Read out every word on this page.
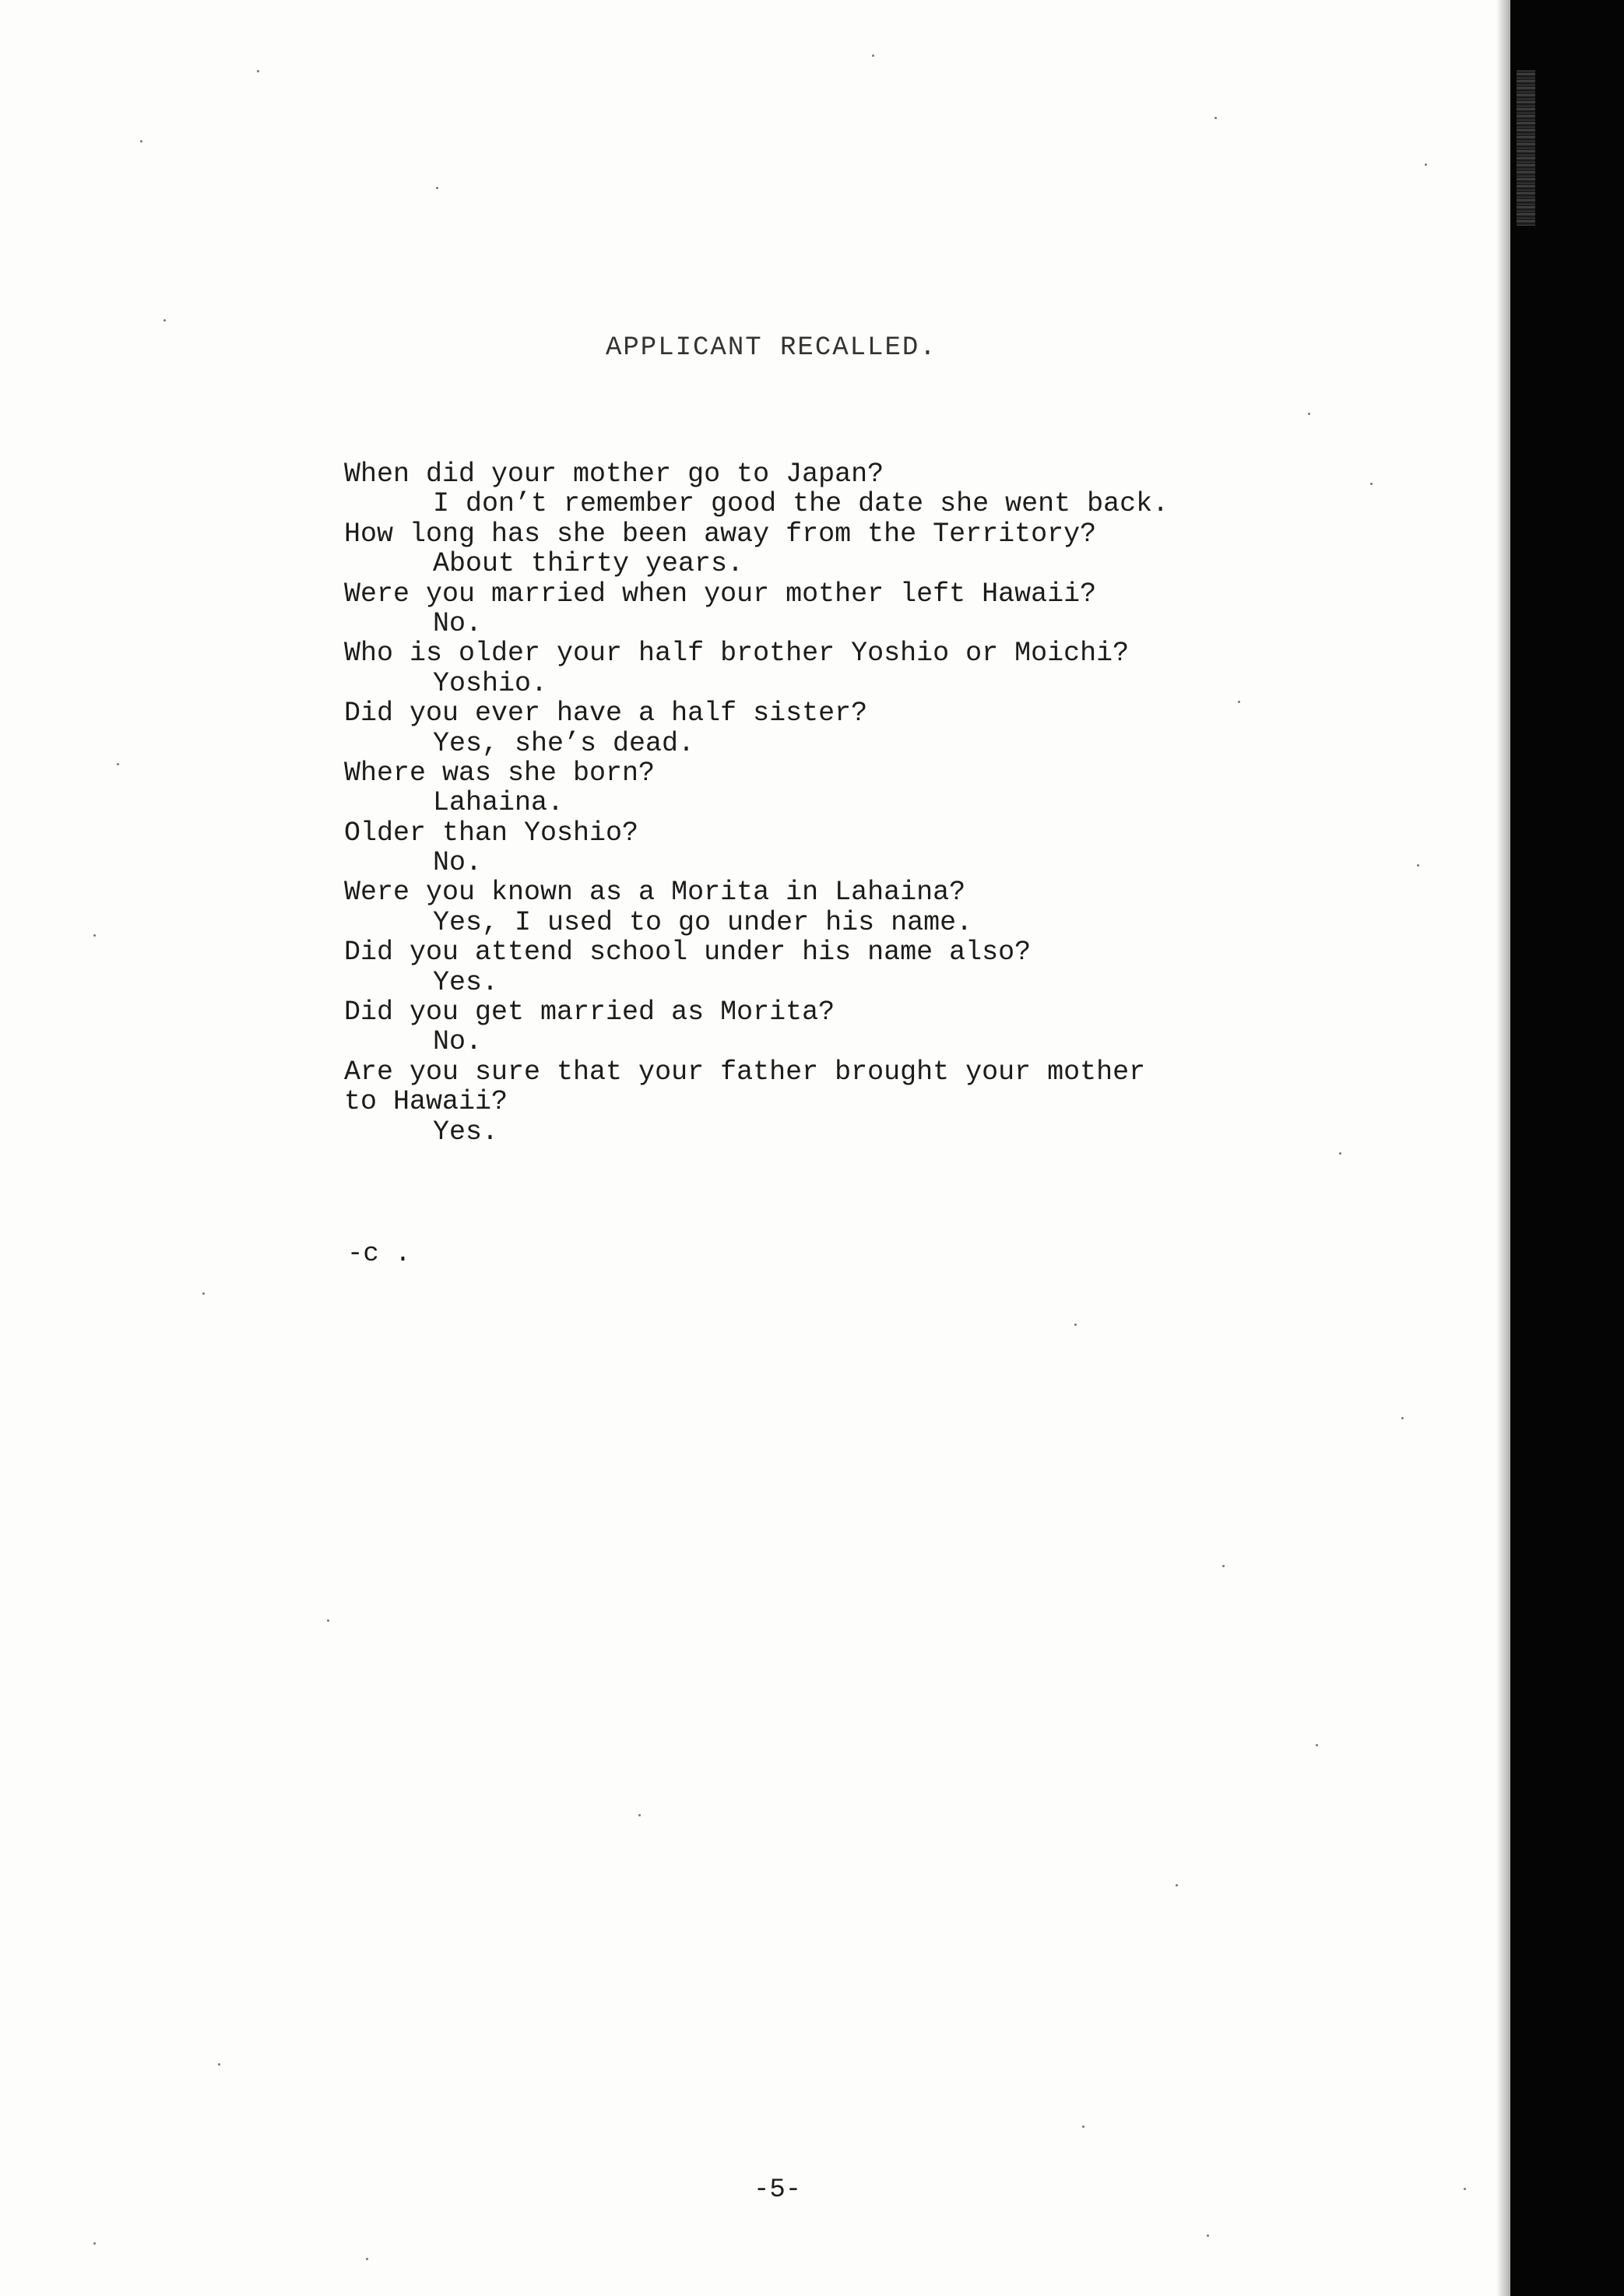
APPLICANT RECALLED.
When did your mother go to Japan?
I don’t remember good the date she went back.
How long has she been away from the Territory?
About thirty years.
Were you married when your mother left Hawaii?
No.
Who is older your half brother Yoshio or Moichi?
Yoshio.
Did you ever have a half sister?
Yes, she’s dead.
Where was she born?
Lahaina.
Older than Yoshio?
No.
Were you known as a Morita in Lahaina?
Yes, I used to go under his name.
Did you attend school under his name also?
Yes.
Did you get married as Morita?
No.
Are you sure that your father brought your mother
to Hawaii?
Yes.
-c .
-5-
